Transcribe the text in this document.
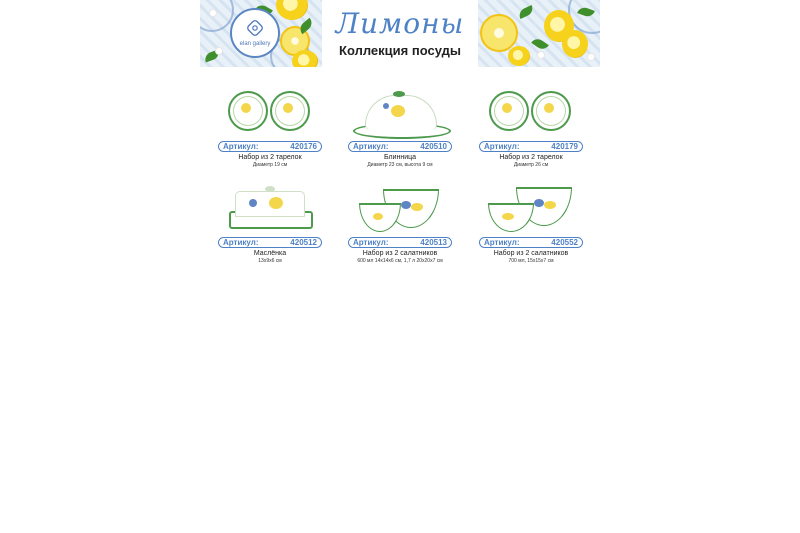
elan gallery
Лимоны
Коллекция посуды
Артикул:	420176
Набор из 2 тарелок
Диаметр 19 см
Артикул:	420510
Блинница
Диаметр 23 см, высота 9 см
Артикул:	420179
Набор из 2 тарелок
Диаметр 26 см
Артикул:	420512
Маслёнка
13x9x6 см
Артикул:	420513
Набор из 2 салатников
600 мл 14x14x6 см, 1,7 л 20x20x7 см
Артикул:	420552
Набор из 2 салатников
700 мл, 15x15x7 см
